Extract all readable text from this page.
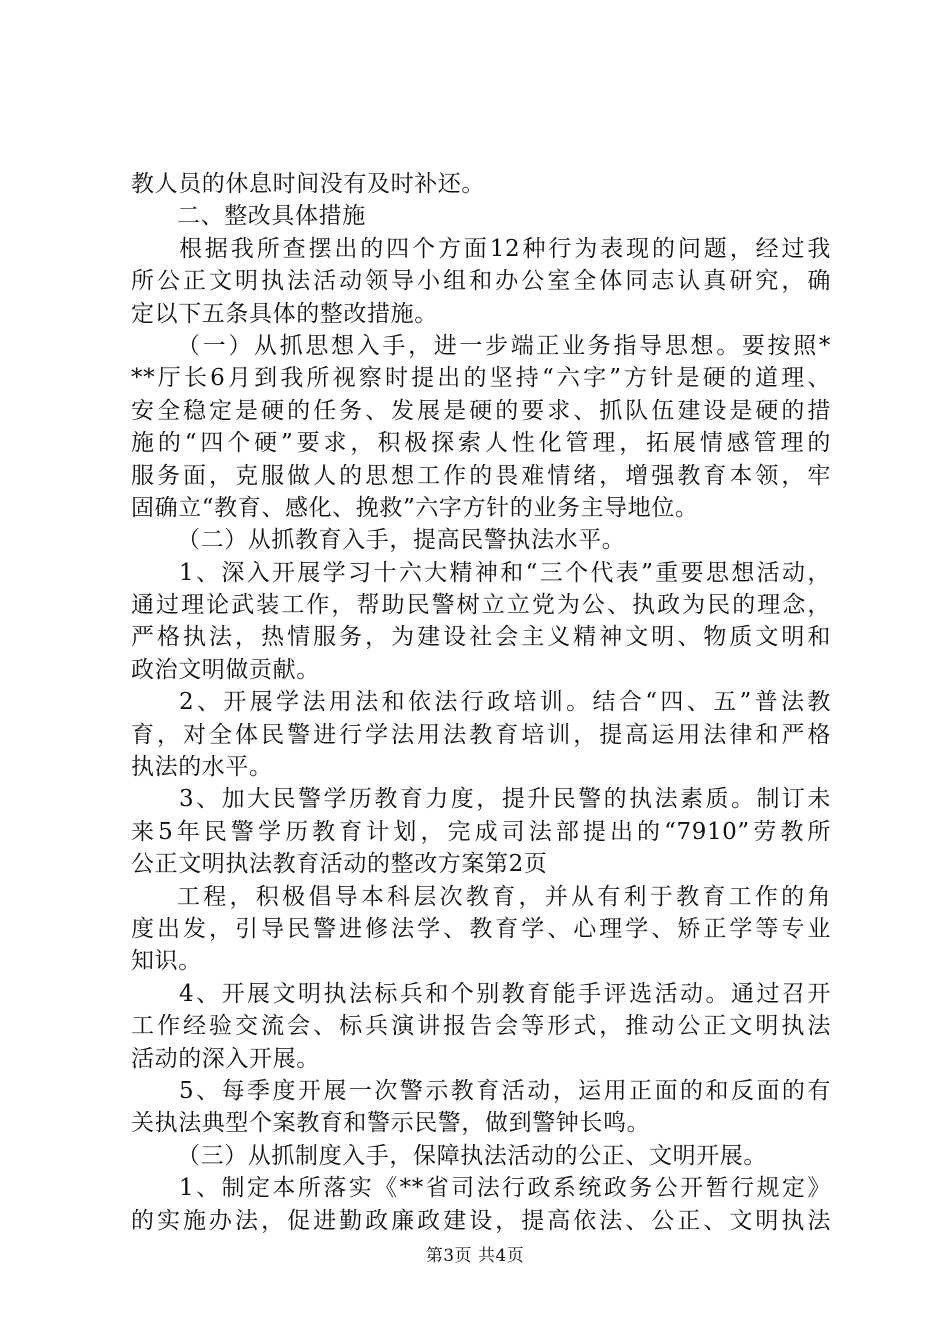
教人员的休息时间没有及时补还。
二、整改具体措施
根据我所查摆出的四个方面12种行为表现的问题，经过我
所公正文明执法活动领导小组和办公室全体同志认真研究，确
定以下五条具体的整改措施。
（一）从抓思想入手，进一步端正业务指导思想。要按照*
**厅长6月到我所视察时提出的坚持“六字”方针是硬的道理、
安全稳定是硬的任务、发展是硬的要求、抓队伍建设是硬的措
施的“四个硬”要求，积极探索人性化管理，拓展情感管理的
服务面，克服做人的思想工作的畏难情绪，增强教育本领，牢
固确立“教育、感化、挽救”六字方针的业务主导地位。
（二）从抓教育入手，提高民警执法水平。
1、深入开展学习十六大精神和“三个代表”重要思想活动，
通过理论武装工作，帮助民警树立立党为公、执政为民的理念，
严格执法，热情服务，为建设社会主义精神文明、物质文明和
政治文明做贡献。
2、开展学法用法和依法行政培训。结合“四、五”普法教
育，对全体民警进行学法用法教育培训，提高运用法律和严格
执法的水平。
3、加大民警学历教育力度，提升民警的执法素质。制订未
来5年民警学历教育计划，完成司法部提出的“7910”劳教所
公正文明执法教育活动的整改方案第2页
工程，积极倡导本科层次教育，并从有利于教育工作的角
度出发，引导民警进修法学、教育学、心理学、矫正学等专业
知识。
4、开展文明执法标兵和个别教育能手评选活动。通过召开
工作经验交流会、标兵演讲报告会等形式，推动公正文明执法
活动的深入开展。
5、每季度开展一次警示教育活动，运用正面的和反面的有
关执法典型个案教育和警示民警，做到警钟长鸣。
（三）从抓制度入手，保障执法活动的公正、文明开展。
1、制定本所落实《**省司法行政系统政务公开暂行规定》
的实施办法，促进勤政廉政建设，提高依法、公正、文明执法
第3页 共4页
